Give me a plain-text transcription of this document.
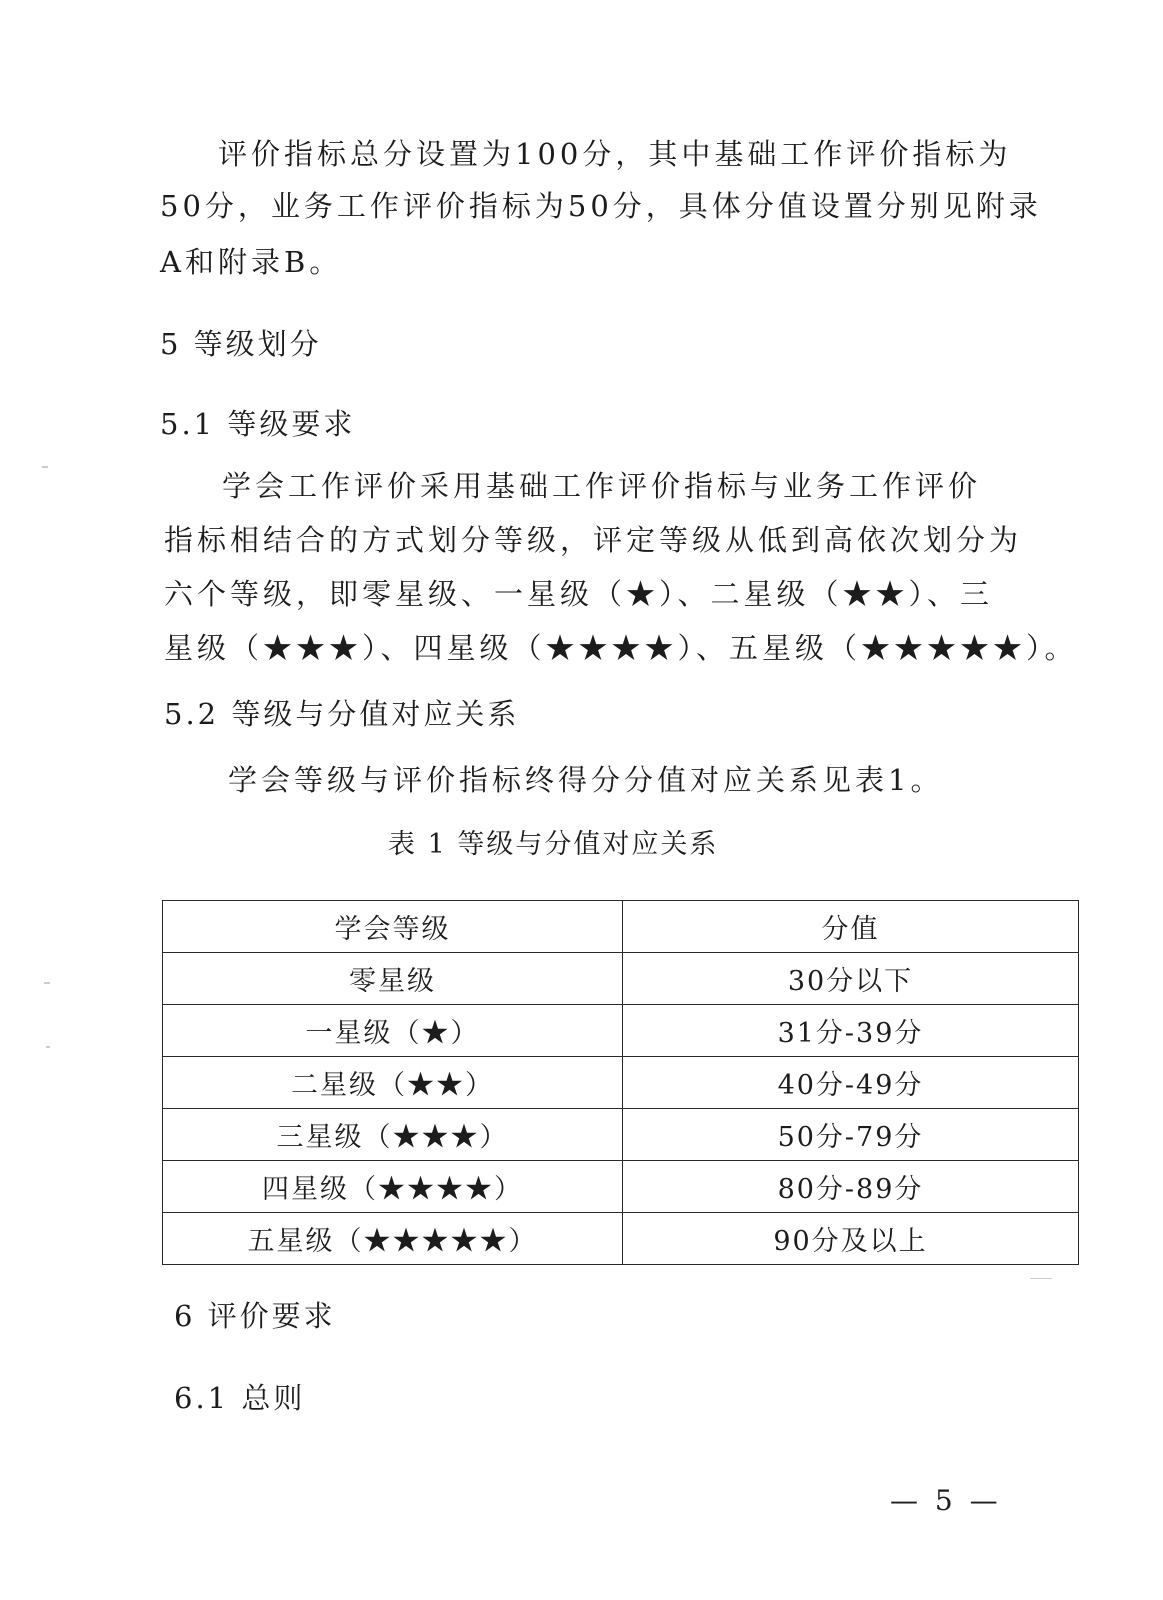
评价指标总分设置为100分，其中基础工作评价指标为
50分，业务工作评价指标为50分，具体分值设置分别见附录
A和附录B。
5 等级划分
5.1 等级要求
学会工作评价采用基础工作评价指标与业务工作评价
指标相结合的方式划分等级，评定等级从低到高依次划分为
六个等级，即零星级、一星级（★）、二星级（★★）、三
星级（★★★）、四星级（★★★★）、五星级（★★★★★）。
5.2 等级与分值对应关系
学会等级与评价指标终得分分值对应关系见表1。
表 1 等级与分值对应关系
学会等级	分值
零星级	30分以下
一星级（★）	31分-39分
二星级（★★）	40分-49分
三星级（★★★）	50分-79分
四星级（★★★★）	80分-89分
五星级（★★★★★）	90分及以上
6 评价要求
6.1 总则
— 5 —
